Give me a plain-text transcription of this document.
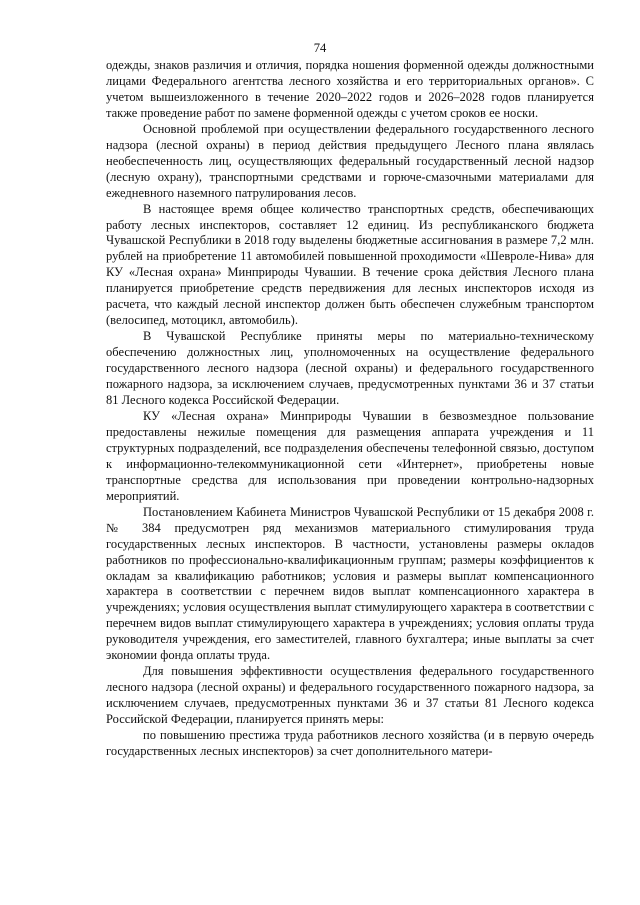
74

одежды, знаков различия и отличия, порядка ношения форменной одежды должностными лицами Федерального агентства лесного хозяйства и его территориальных органов». С учетом вышеизложенного в течение 2020–2022 годов и 2026–2028 годов планируется также проведение работ по замене форменной одежды с учетом сроков ее носки.

Основной проблемой при осуществлении федерального государственного лесного надзора (лесной охраны) в период действия предыдущего Лесного плана являлась необеспеченность лиц, осуществляющих федеральный государственный лесной надзор (лесную охрану), транспортными средствами и горюче-смазочными материалами для ежедневного наземного патрулирования лесов.

В настоящее время общее количество транспортных средств, обеспечивающих работу лесных инспекторов, составляет 12 единиц. Из республиканского бюджета Чувашской Республики в 2018 году выделены бюджетные ассигнования в размере 7,2 млн. рублей на приобретение 11 автомобилей повышенной проходимости «Шевроле-Нива» для КУ «Лесная охрана» Минприроды Чувашии. В течение срока действия Лесного плана планируется приобретение средств передвижения для лесных инспекторов исходя из расчета, что каждый лесной инспектор должен быть обеспечен служебным транспортом (велосипед, мотоцикл, автомобиль).

В Чувашской Республике приняты меры по материально-техническому обеспечению должностных лиц, уполномоченных на осуществление федерального государственного лесного надзора (лесной охраны) и федерального государственного пожарного надзора, за исключением случаев, предусмотренных пунктами 36 и 37 статьи 81 Лесного кодекса Российской Федерации.

КУ «Лесная охрана» Минприроды Чувашии в безвозмездное пользование предоставлены нежилые помещения для размещения аппарата учреждения и 11 структурных подразделений, все подразделения обеспечены телефонной связью, доступом к информационно-телекоммуникационной сети «Интернет», приобретены новые транспортные средства для использования при проведении контрольно-надзорных мероприятий.

Постановлением Кабинета Министров Чувашской Республики от 15 декабря 2008 г. № 384 предусмотрен ряд механизмов материального стимулирования труда государственных лесных инспекторов. В частности, установлены размеры окладов работников по профессионально-квалификационным группам; размеры коэффициентов к окладам за квалификацию работников; условия и размеры выплат компенсационного характера в соответствии с перечнем видов выплат компенсационного характера в учреждениях; условия осуществления выплат стимулирующего характера в соответствии с перечнем видов выплат стимулирующего характера в учреждениях; условия оплаты труда руководителя учреждения, его заместителей, главного бухгалтера; иные выплаты за счет экономии фонда оплаты труда.

Для повышения эффективности осуществления федерального государственного лесного надзора (лесной охраны) и федерального государственного пожарного надзора, за исключением случаев, предусмотренных пунктами 36 и 37 статьи 81 Лесного кодекса Российской Федерации, планируется принять меры:

по повышению престижа труда работников лесного хозяйства (и в первую очередь государственных лесных инспекторов) за счет дополнительного матери-
